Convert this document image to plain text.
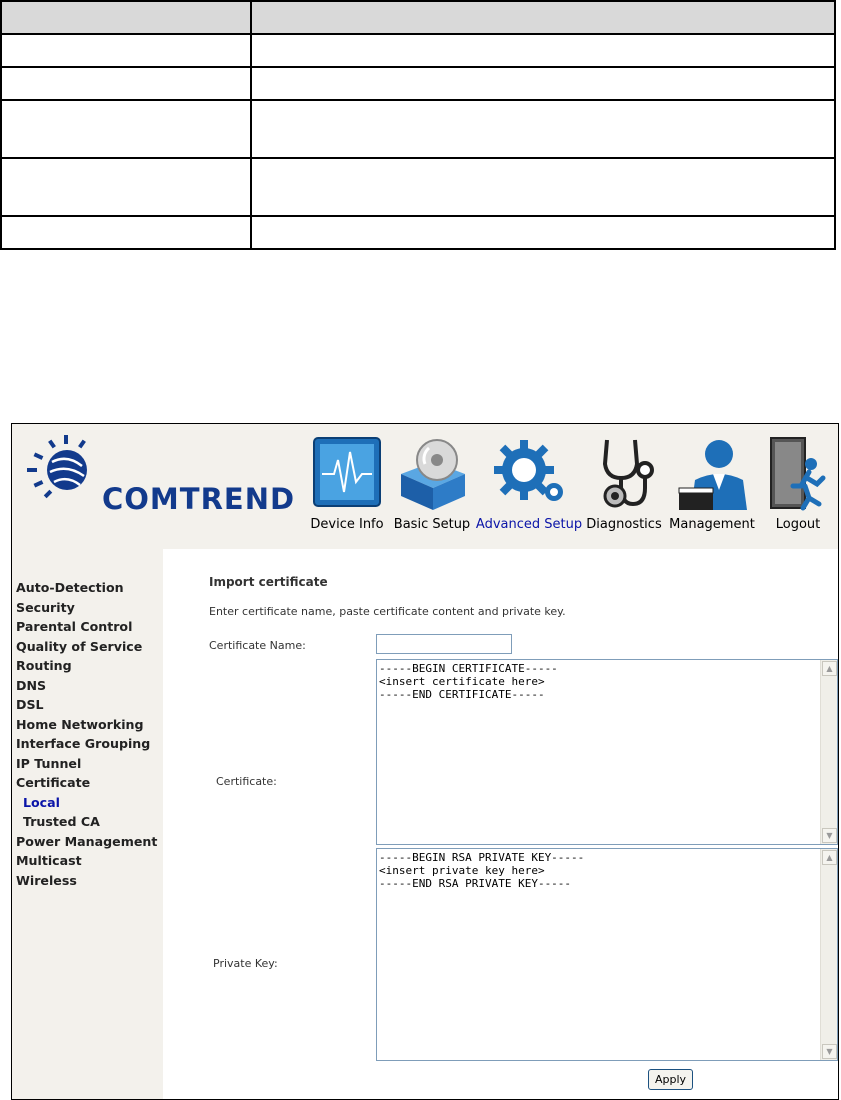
COMTREND
Device Info Basic Setup Advanced Setup Diagnostics Management	Logout
Auto-Detection
Security
Parental Control
Quality of Service
Routing
DNS
DSL
Home Networking
Interface Grouping
IP Tunnel
Certificate
Local
Trusted CA
Power Management
Multicast
Wireless
Import certificate
Enter certificate name, paste certificate content and private key.
Certificate Name:
Certificate:
-----BEGIN CERTIFICATE----- <insert certificate here> -----END CERTIFICATE-----
▲
▼
Private Key:
-----BEGIN RSA PRIVATE KEY----- <insert private key here> -----END RSA PRIVATE KEY-----
▲
▼
Apply
